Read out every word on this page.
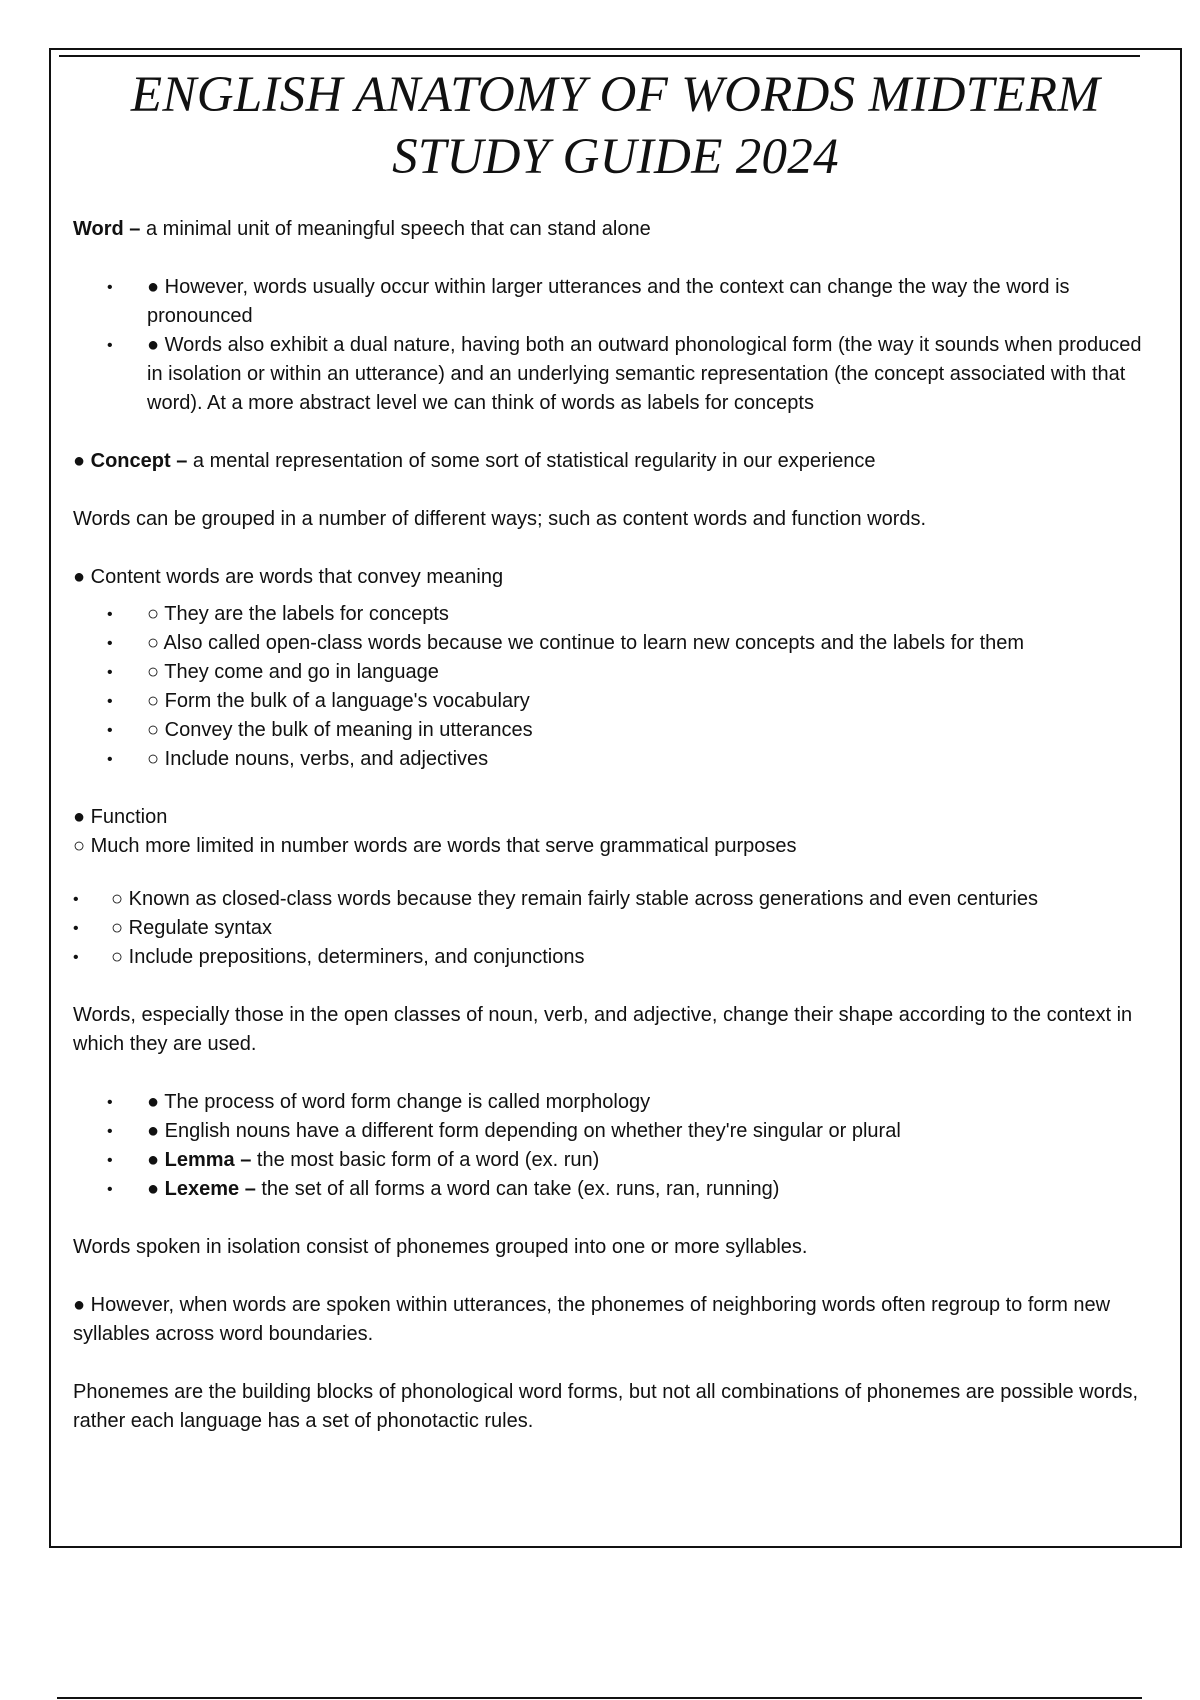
ENGLISH ANATOMY OF WORDS MIDTERM
STUDY GUIDE 2024

Word – a minimal unit of meaningful speech that can stand alone

• ● However, words usually occur within larger utterances and the context can change the way the word is pronounced
• ● Words also exhibit a dual nature, having both an outward phonological form (the way it sounds when produced in isolation or within an utterance) and an underlying semantic representation (the concept associated with that word). At a more abstract level we can think of words as labels for concepts

● Concept – a mental representation of some sort of statistical regularity in our experience

Words can be grouped in a number of different ways; such as content words and function words.

● Content words are words that convey meaning

• ○ They are the labels for concepts
• ○ Also called open-class words because we continue to learn new concepts and the labels for them
• ○ They come and go in language
• ○ Form the bulk of a language's vocabulary
• ○ Convey the bulk of meaning in utterances
• ○ Include nouns, verbs, and adjectives

● Function

○ Much more limited in number words are words that serve grammatical purposes

• ○ Known as closed-class words because they remain fairly stable across generations and even centuries
• ○ Regulate syntax
• ○ Include prepositions, determiners, and conjunctions

Words, especially those in the open classes of noun, verb, and adjective, change their shape according to the context in which they are used.

• ● The process of word form change is called morphology
• ● English nouns have a different form depending on whether they're singular or plural
• ● Lemma – the most basic form of a word (ex. run)
• ● Lexeme – the set of all forms a word can take (ex. runs, ran, running)

Words spoken in isolation consist of phonemes grouped into one or more syllables.

● However, when words are spoken within utterances, the phonemes of neighboring words often regroup to form new syllables across word boundaries.

Phonemes are the building blocks of phonological word forms, but not all combinations of phonemes are possible words, rather each language has a set of phonotactic rules.
